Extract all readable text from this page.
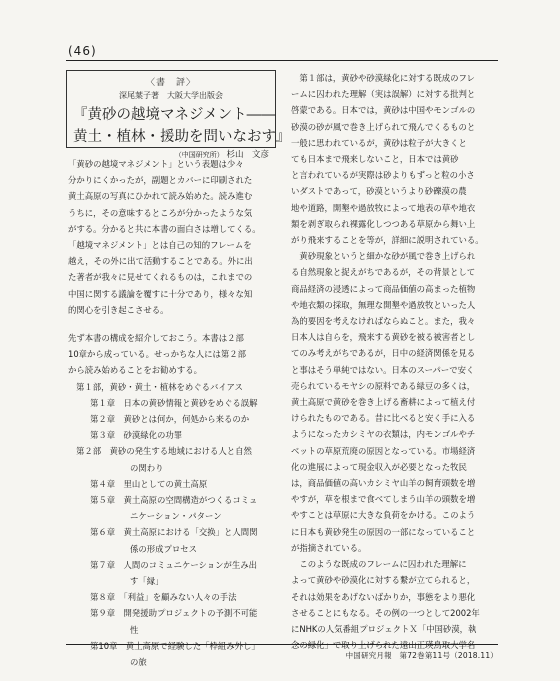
(46)
〈書　評〉
深尾葉子著　大阪大学出版会
『黄砂の越境マネジメント――
黄土・植林・援助を問いなおす』
（中国研究所） 杉山　文彦
「黄砂の越境マネジメント」という表題は少々
分かりにくかったが，副題とカバーに印刷された
黄土高原の写真にひかれて読み始めた。読み進む
うちに，その意味するところが分かったような気
がする。分かると共に本書の面白さは増してくる。
「越境マネジメント」とは自己の知的フレームを
越え，その外に出て活動することである。外に出
た著者が我々に見せてくれるものは，これまでの
中国に関する議論を覆すに十分であり，様々な知
的関心を引き起こさせる。
先ず本書の構成を紹介しておこう。本書は２部
10章から成っている。せっかちな人には第２部
から読み始めることをお勧めする。
第１部，黄砂・黄土・植林をめぐるバイアス
第１章　日本の黄砂情報と黄砂をめぐる誤解
第２章　黄砂とは何か，何処から来るのか
第３章　砂漠緑化の功罪
第２部　黄砂の発生する地域における人と自然
の関わり
第４章　里山としての黄土高原
第５章　黄土高原の空間構造がつくるコミュ
ニケーション・パターン
第６章　黄土高原における「交换」と人間関
係の形成プロセス
第７章　人間のコミュニケーションが生み出
す「縁」
第８章　「利益」を顧みない人々の手法
第９章　開発援助プロジェクトの予測不可能
性
第10章　黄土高原で経験した「枠組み外し」
の旅
　第１部は，黄砂や砂漠緑化に対する既成のフレ
ームに囚われた理解（実は誤解）に対する批判と
啓蒙である。日本では，黄砂は中国やモンゴルの
砂漠の砂が風で巻き上げられて飛んでくるものと
一般に思われているが，黄砂は粒子が大きくと
ても日本まで飛来しないこと，日本では黄砂
と言われているが実際は砂よりもずっと粒の小さ
いダストであって，砂漠というより砂礫漠の農
地や道路，開墾や過放牧によって地表の草や地衣
類を剥ぎ取られ裸露化しつつある草原から舞い上
がり飛来することを等が，詳細に説明されている。
　黄砂現象というと細かな砂が風で巻き上げられ
る自然現象と捉えがちであるが，その背景として
商品経済の浸透によって商品価値の高まった植物
や地衣類の採取，無理な開墾や過放牧といった人
為的要因を考えなければならぬこと。また，我々
日本人は自らを，飛来する黄砂を被る被害者とし
てのみ考えがちであるが，日中の経済関係を見る
と事はそう単純ではない。日本のスーパーで安く
売られているモヤシの原料である緑豆の多くは，
黄土高原で黄砂を巻き上げる畜耕によって植え付
けられたものである。昔に比べると安く手に入る
ようになったカシミヤの衣類は，内モンゴルやチ
ベットの草原荒廃の原因となっている。市場経済
化の進展によって現金収入が必要となった牧民
は，商品価値の高いカシミヤ山羊の飼育頭数を増
やすが，草を根まで食べてしまう山羊の頭数を増
やすことは草原に大きな負荷をかける。このよう
に日本も黄砂発生の原因の一部になっていること
が指摘されている。
　このような既成のフレームに囚われた理解に
よって黄砂や砂漠化に対する繋が立てられると，
それは効果をあげないばかりか，事態をより悪化
させることにもなる。その例の一つとして2002年
にNHKの人気番組プロジェクトＸ「中国砂漠，執
念の緑化」で取り上げられた遠山正瑛鳥取大学名
中国研究月報　第72巻第11号（2018.11）
